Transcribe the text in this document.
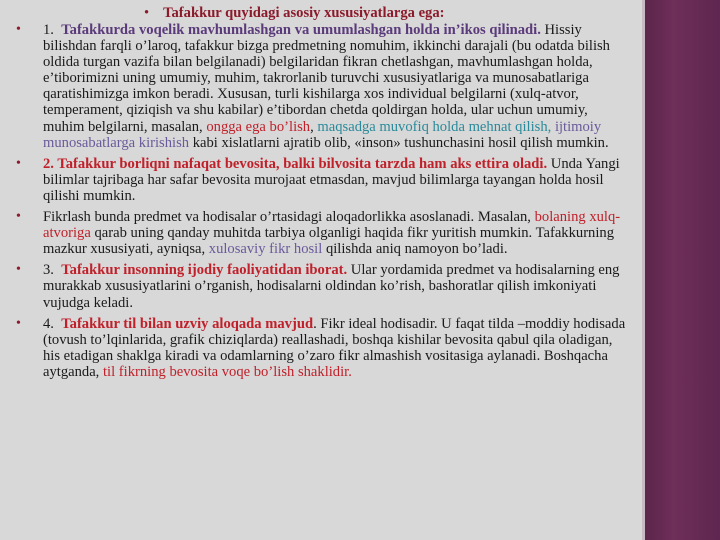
• Tafakkur quyidagi asosiy xususiyatlarga ega:

• 1. Tafakkurda voqelik mavhumlashgan va umumlashgan holda in’ikos qilinadi. Hissiy bilishdan farqli o’laroq, tafakkur bizga predmetning nomuhim, ikkinchi darajali (bu odatda bilish oldida turgan vazifa bilan belgilanadi) belgilaridan fikran chetlashgan, mavhumlashgan holda, e’tiborimizni uning umumiy, muhim, takrorlanib turuvchi xususiyatlariga va munosabatlariga qaratishimizga imkon beradi. Xususan, turli kishilarga xos individual belgilarni (xulq-atvor, temperament, qiziqish va shu kabilar) e’tibordan chetda qoldirgan holda, ular uchun umumiy, muhim belgilarni, masalan, ongga ega bo’lish, maqsadga muvofiq holda mehnat qilish, ijtimoiy munosabatlarga kirishish kabi xislatlarni ajratib olib, «inson» tushunchasini hosil qilish mumkin.

• 2. Tafakkur borliqni nafaqat bevosita, balki bilvosita tarzda ham aks ettira oladi. Unda Yangi bilimlar tajribaga har safar bevosita murojaat etmasdan, mavjud bilimlarga tayangan holda hosil qilishi mumkin.

• Fikrlash bunda predmet va hodisalar o’rtasidagi aloqadorlikka asoslanadi. Masalan, bolaning xulq-atvoriga qarab uning qanday muhitda tarbiya olganligi haqida fikr yuritish mumkin. Tafakkurning mazkur xususiyati, ayniqsa, xulosaviy fikr hosil qilishda aniq namoyon bo’ladi.

• 3. Tafakkur insonning ijodiy faoliyatidan iborat. Ular yordamida predmet va hodisalarning eng murakkab xususiyatlarini o’rganish, hodisalarni oldindan ko’rish, bashoratlar qilish imkoniyati vujudga keladi.

• 4. Tafakkur til bilan uzviy aloqada mavjud. Fikr ideal hodisadir. U faqat tilda –moddiy hodisada (tovush to’lqinlarida, grafik chiziqlarda) reallashadi, boshqa kishilar bevosita qabul qila oladigan, his etadigan shaklga kiradi va odamlarning o’zaro fikr almashish vositasiga aylanadi. Boshqacha aytganda, til fikrning bevosita voqe bo’lish shaklidir.
